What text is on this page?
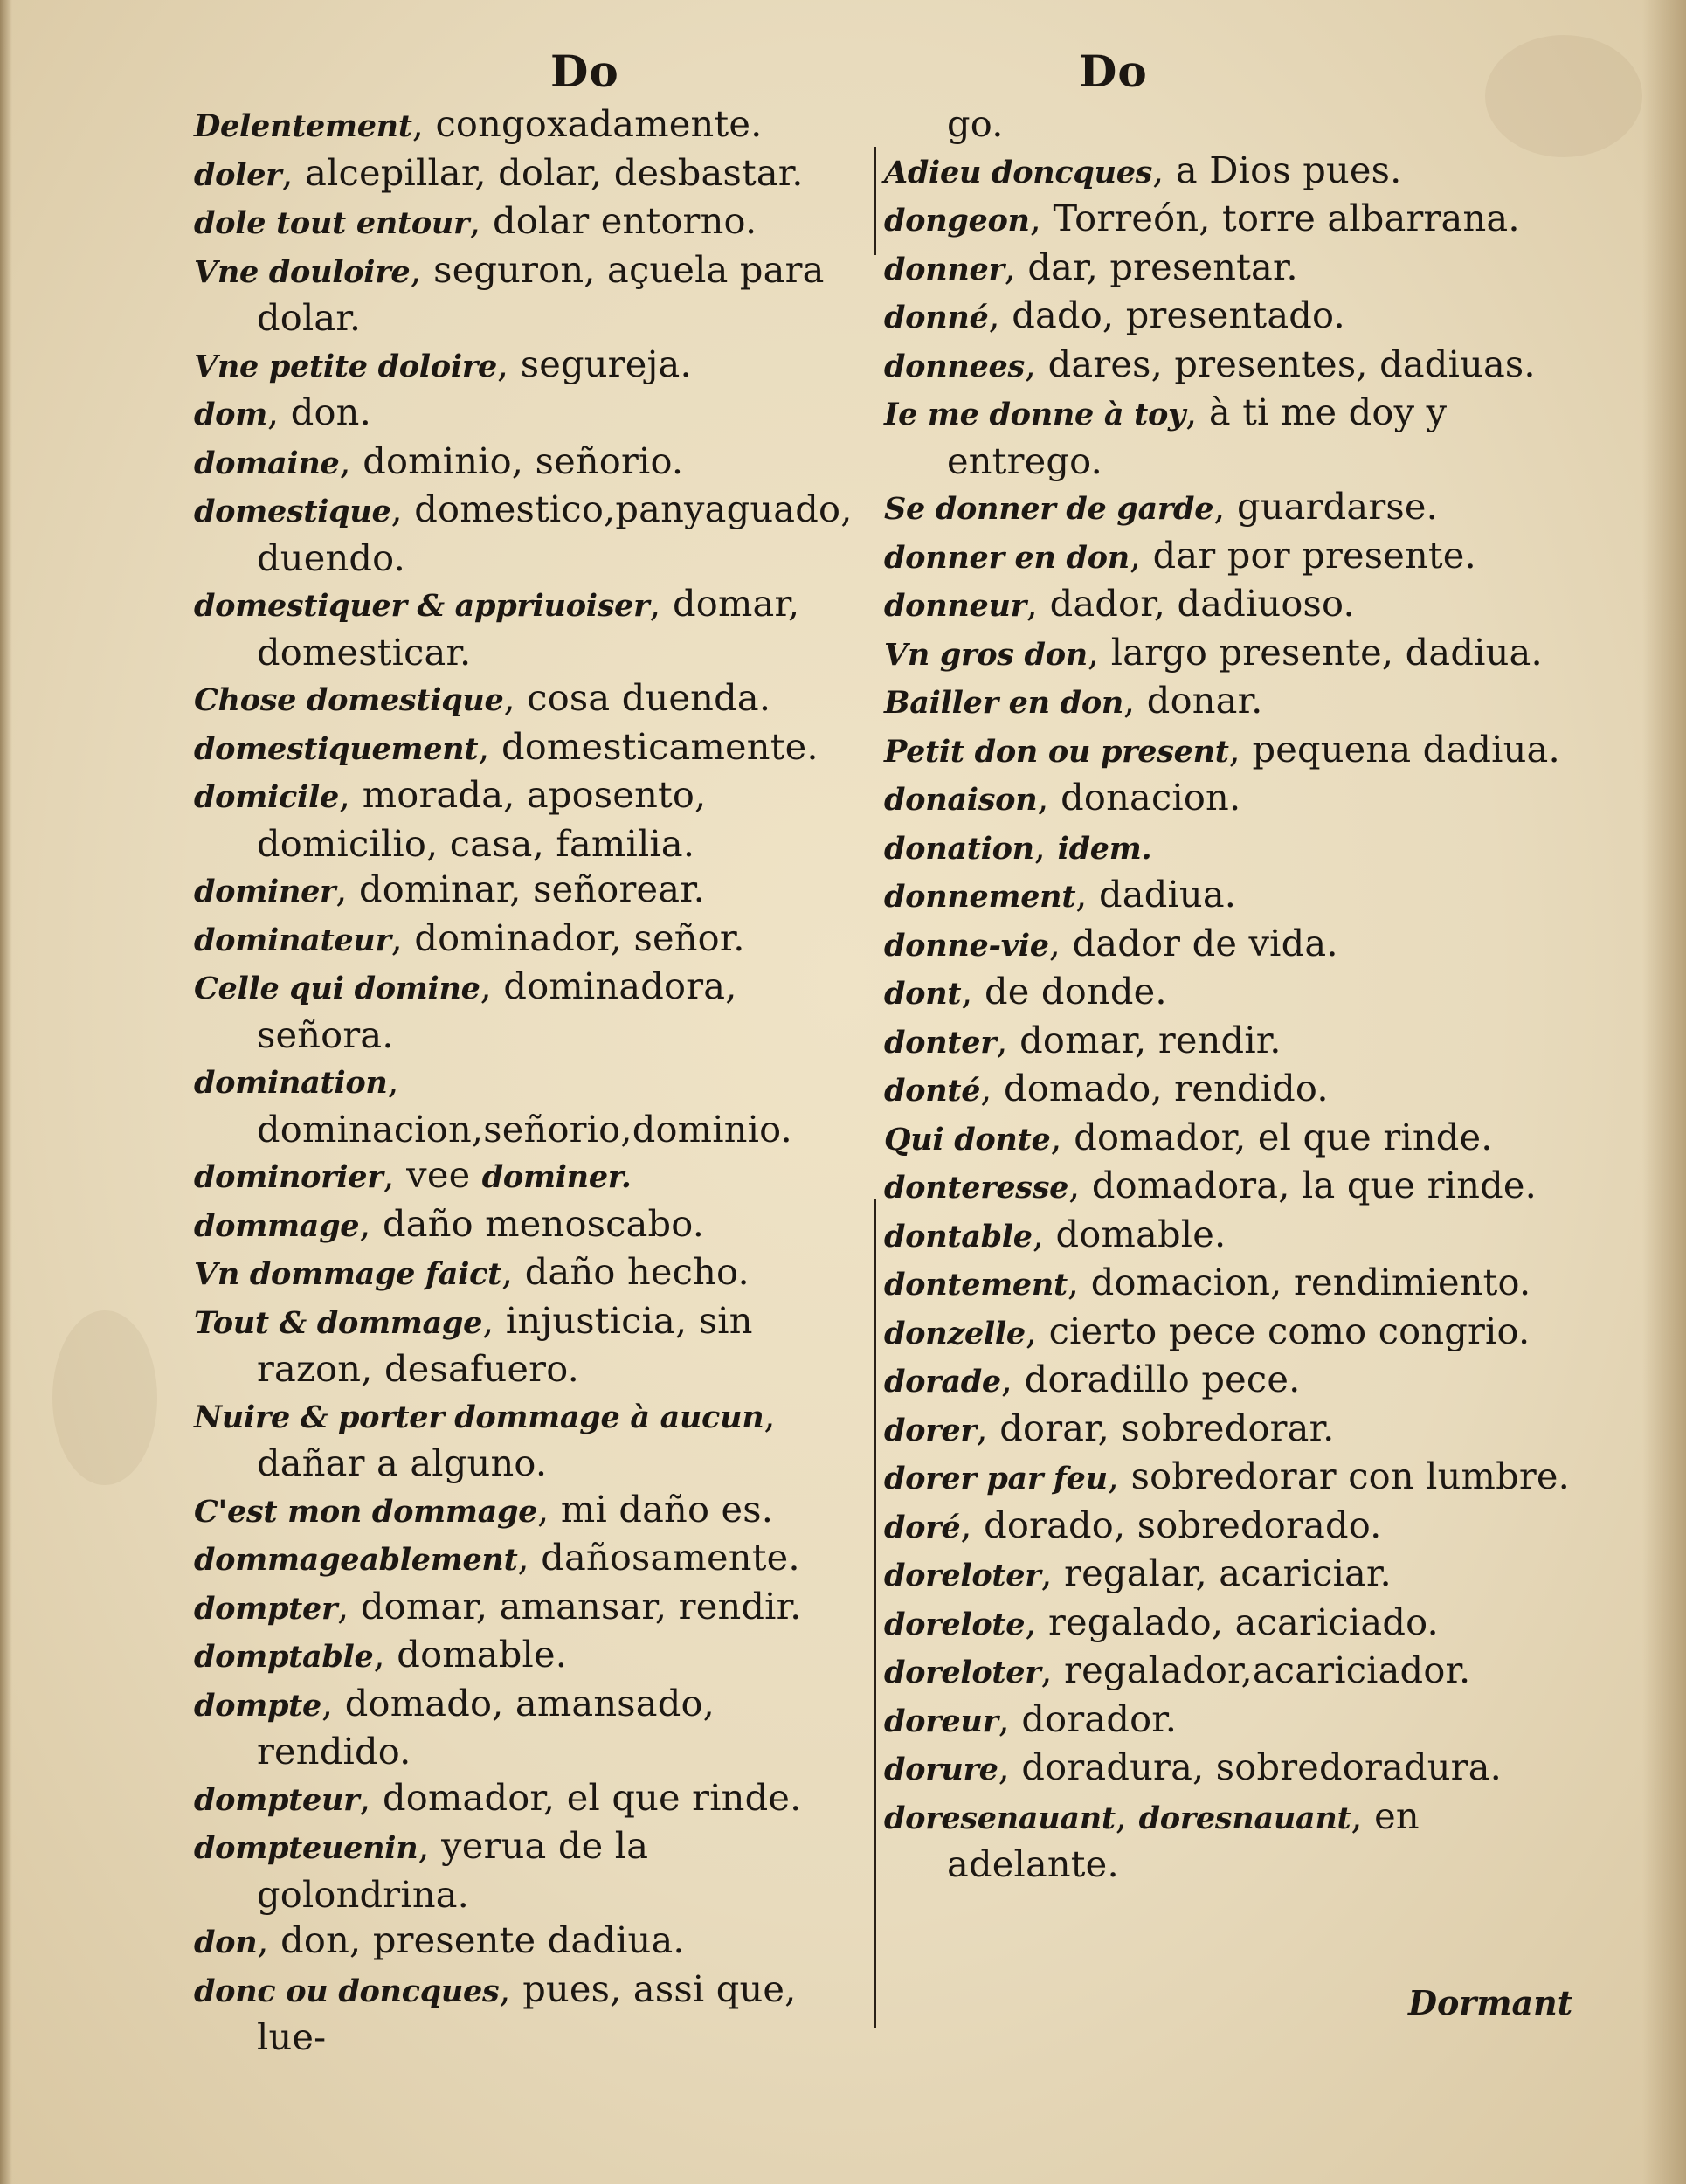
Do	Do
Delentement, congoxadamente.
doler, alcepillar, dolar, desbastar.
dole tout entour, dolar entorno.
Vne douloire, seguron, açuela para dolar.
Vne petite doloire, segureja.
dom, don.
domaine, dominio, señorio.
domestique, domestico,panyaguado, duendo.
domestiquer & appriuoiser, domar, domesticar.
Chose domestique, cosa duenda.
domestiquement, domesticamente.
domicile, morada, aposento, domicilio, casa, familia.
dominer, dominar, señorear.
dominateur, dominador, señor.
Celle qui domine, dominadora, señora.
domination, dominacion,señorio,dominio.
dominorier, vee dominer.
dommage, daño menoscabo.
Vn dommage faict, daño hecho.
Tout & dommage, injusticia, sin razon, desafuero.
Nuire & porter dommage à aucun, dañar a alguno.
C'est mon dommage, mi daño es.
dommageablement, dañosamente.
dompter, domar, amansar, rendir.
domptable, domable.
dompte, domado, amansado, rendido.
dompteur, domador, el que rinde.
dompteuenin, yerua de la golondrina.
don, don, presente dadiua.
donc ou doncques, pues, assi que, lue-
go.
Adieu doncques, a Dios pues.
dongeon, Torreón, torre albarrana.
donner, dar, presentar.
donné, dado, presentado.
donnees, dares, presentes, dadiuas.
Ie me donne à toy, à ti me doy y entrego.
Se donner de garde, guardarse.
donner en don, dar por presente.
donneur, dador, dadiuoso.
Vn gros don, largo presente, dadiua.
Bailler en don, donar.
Petit don ou present, pequena dadiua.
donaison, donacion.
donation, idem.
donnement, dadiua.
donne-vie, dador de vida.
dont, de donde.
donter, domar, rendir.
donté, domado, rendido.
Qui donte, domador, el que rinde.
donteresse, domadora, la que rinde.
dontable, domable.
dontement, domacion, rendimiento.
donzelle, cierto pece como congrio.
dorade, doradillo pece.
dorer, dorar, sobredorar.
dorer par feu, sobredorar con lumbre.
doré, dorado, sobredorado.
doreloter, regalar, acariciar.
dorelote, regalado, acariciado.
doreloter, regalador,acariciador.
doreur, dorador.
dorure, doradura, sobredoradura.
doresenauant, doresnauant, en adelante.
Dormant
